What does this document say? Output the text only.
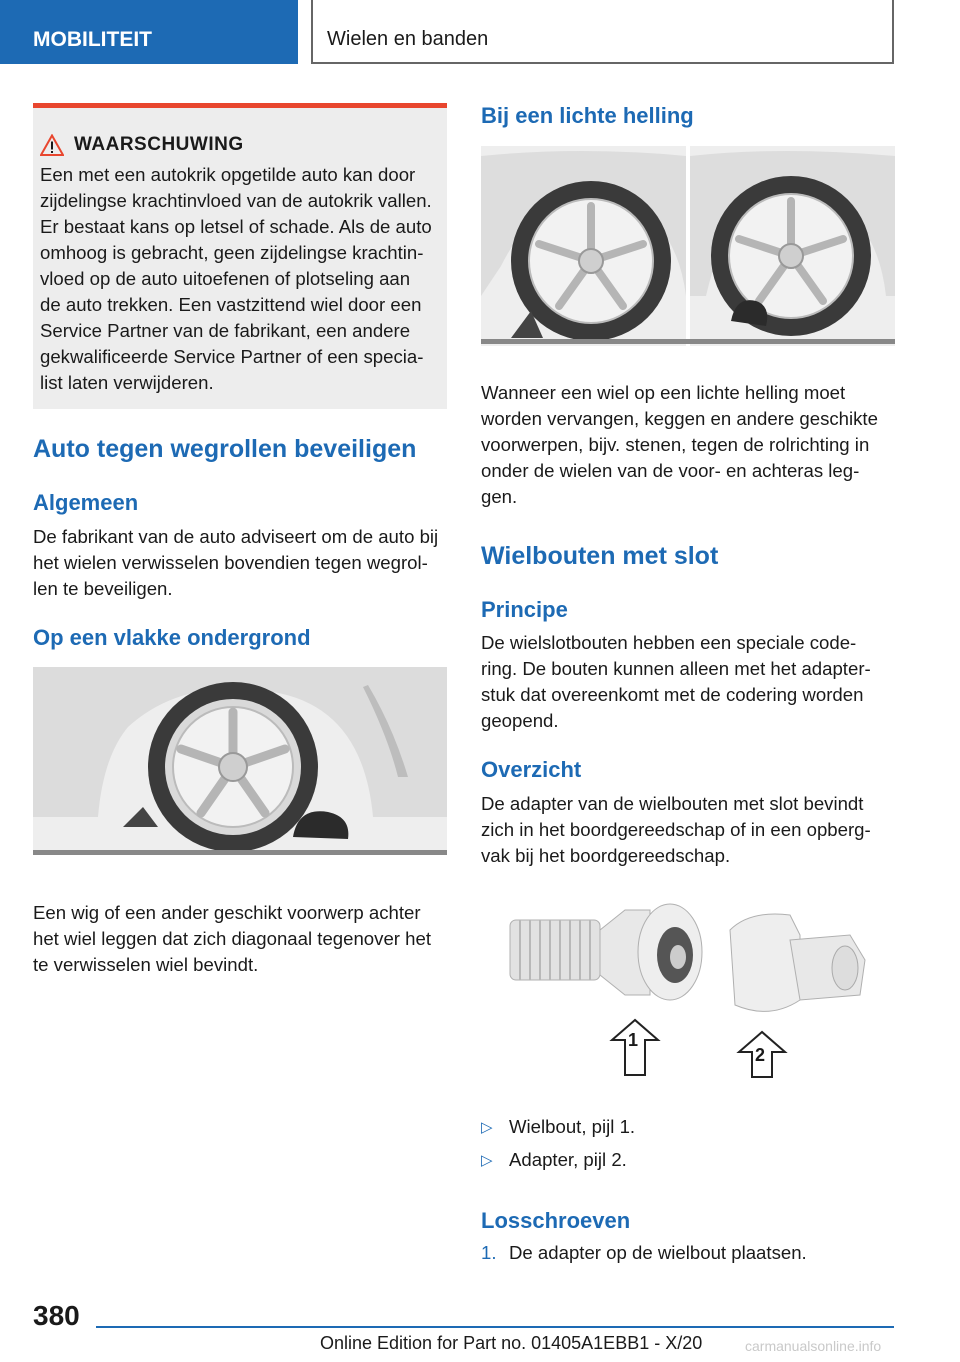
MOBILITEIT	Wielen en banden
WAARSCHUWING
Een met een autokrik opgetilde auto kan door
zijdelingse krachtinvloed van de autokrik vallen.
Er bestaat kans op letsel of schade. Als de auto
omhoog is gebracht, geen zijdelingse krachtin-
vloed op de auto uitoefenen of plotseling aan
de auto trekken. Een vastzittend wiel door een
Service Partner van de fabrikant, een andere
gekwalificeerde Service Partner of een specia-
list laten verwijderen.
Auto tegen wegrollen beveiligen
Algemeen

De fabrikant van de auto adviseert om de auto bij

het wielen verwisselen bovendien tegen wegrol-

len te beveiligen.

Op een vlakke ondergrond

Een wig of een ander geschikt voorwerp achter

het wiel leggen dat zich diagonaal tegenover het

te verwisselen wiel bevindt.

Bij een lichte helling

Wanneer een wiel op een lichte helling moet

worden vervangen, keggen en andere geschikte

voorwerpen, bijv. stenen, tegen de rolrichting in

onder de wielen van de voor- en achteras leg-

gen.

Wielbouten met slot
Principe

De wielslotbouten hebben een speciale code-

ring. De bouten kunnen alleen met het adapter-

stuk dat overeenkomt met de codering worden

geopend.

Overzicht

De adapter van de wielbouten met slot bevindt

zich in het boordgereedschap of in een opberg-

vak bij het boordgereedschap.

1
2
▷ Wielbout, pijl 1.
▷ Adapter, pijl 2.
Losschroeven
1. De adapter op de wielbout plaatsen.
380
Online Edition for Part no. 01405A1EBB1 - X/20	carmanualsonline.info
